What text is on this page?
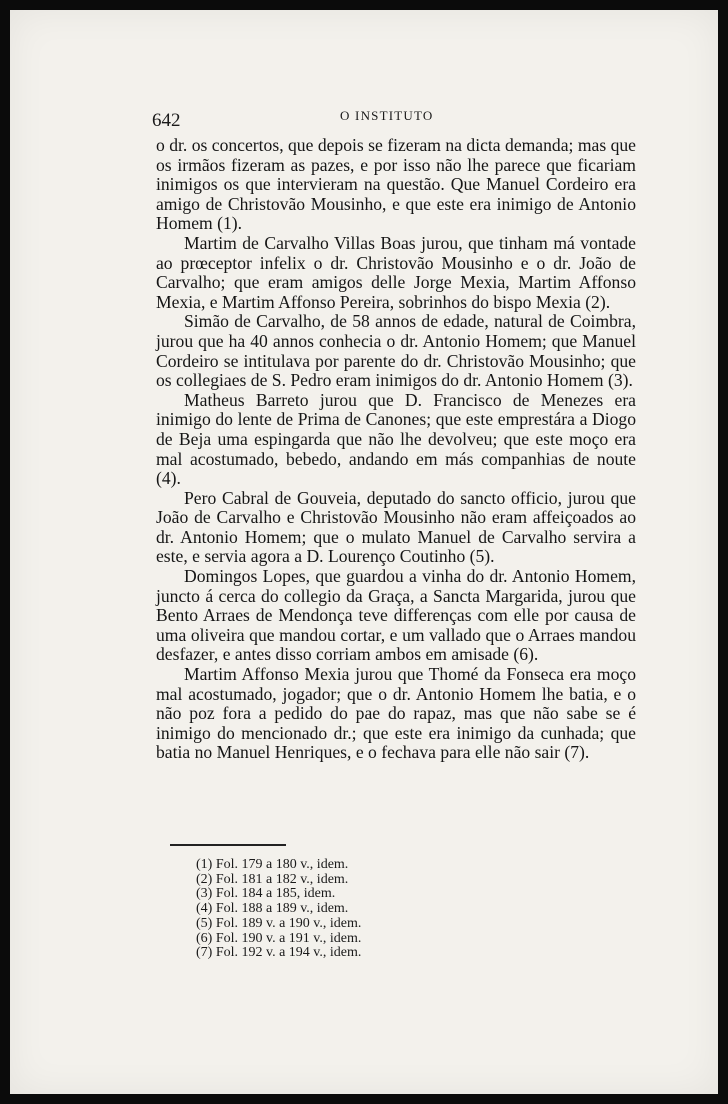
642	O INSTITUTO

o dr. os concertos, que depois se fizeram na dicta demanda; mas que os irmãos fizeram as pazes, e por isso não lhe parece que ficariam inimigos os que intervieram na questão. Que Manuel Cordeiro era amigo de Christovão Mousinho, e que este era inimigo de Antonio Homem (1).

Martim de Carvalho Villas Boas jurou, que tinham má vontade ao prœceptor infelix o dr. Christovão Mousinho e o dr. João de Carvalho; que eram amigos delle Jorge Mexia, Martim Affonso Mexia, e Martim Affonso Pereira, sobrinhos do bispo Mexia (2).

Simão de Carvalho, de 58 annos de edade, natural de Coimbra, jurou que ha 40 annos conhecia o dr. Antonio Homem; que Manuel Cordeiro se intitulava por parente do dr. Christovão Mousinho; que os collegiaes de S. Pedro eram inimigos do dr. Antonio Homem (3).

Matheus Barreto jurou que D. Francisco de Menezes era inimigo do lente de Prima de Canones; que este emprestára a Diogo de Beja uma espingarda que não lhe devolveu; que este moço era mal acostumado, bebedo, andando em más companhias de noute (4).

Pero Cabral de Gouveia, deputado do sancto officio, jurou que João de Carvalho e Christovão Mousinho não eram affeiçoados ao dr. Antonio Homem; que o mulato Manuel de Carvalho servira a este, e servia agora a D. Lourenço Coutinho (5).

Domingos Lopes, que guardou a vinha do dr. Antonio Homem, juncto á cerca do collegio da Graça, a Sancta Margarida, jurou que Bento Arraes de Mendonça teve differenças com elle por causa de uma oliveira que mandou cortar, e um vallado que o Arraes mandou desfazer, e antes disso corriam ambos em amisade (6).

Martim Affonso Mexia jurou que Thomé da Fonseca era moço mal acostumado, jogador; que o dr. Antonio Homem lhe batia, e o não poz fora a pedido do pae do rapaz, mas que não sabe se é inimigo do mencionado dr.; que este era inimigo da cunhada; que batia no Manuel Henriques, e o fechava para elle não sair (7).

(1) Fol. 179 a 180 v., idem.
(2) Fol. 181 a 182 v., idem.
(3) Fol. 184 a 185, idem.
(4) Fol. 188 a 189 v., idem.
(5) Fol. 189 v. a 190 v., idem.
(6) Fol. 190 v. a 191 v., idem.
(7) Fol. 192 v. a 194 v., idem.
